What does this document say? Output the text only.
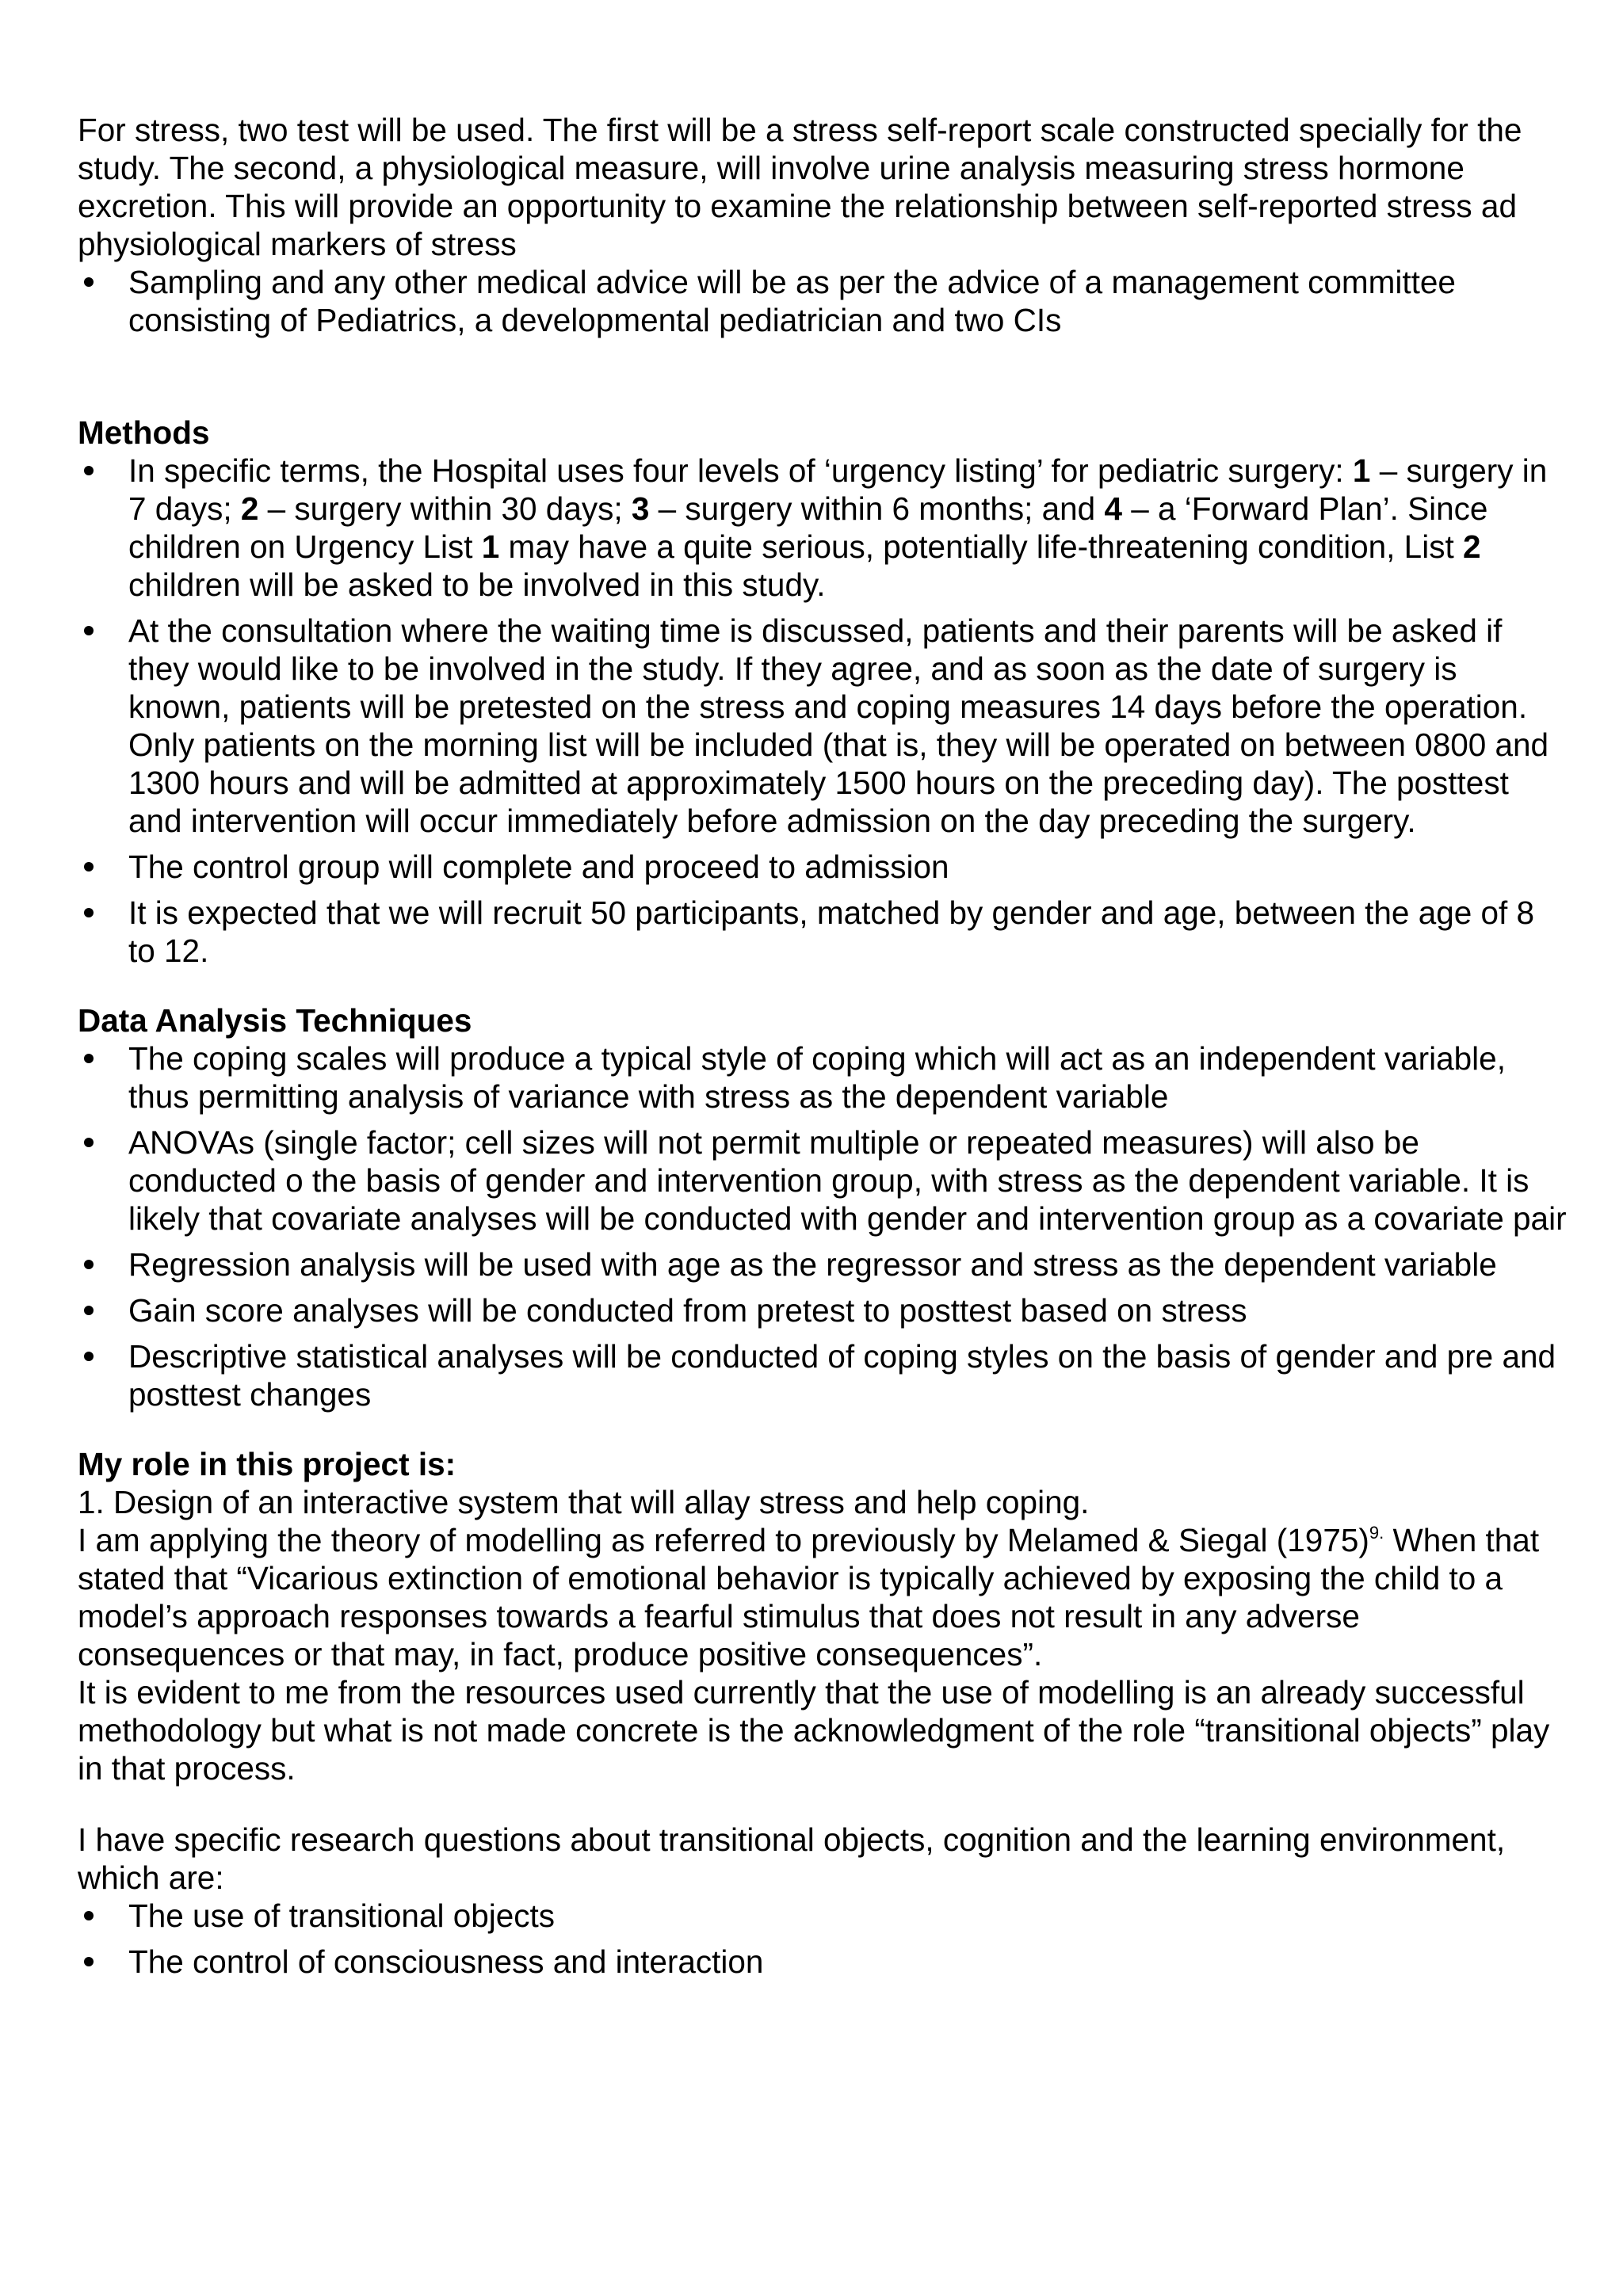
For stress, two test will be used. The first will be a stress self-report scale constructed specially for the study. The second, a physiological measure, will involve urine analysis measuring stress hormone excretion. This will provide an opportunity to examine the relationship between self-reported stress ad physiological markers of stress

Sampling and any other medical advice will be as per the advice of a management committee consisting of Pediatrics, a developmental pediatrician and two CIs

Methods

In specific terms, the Hospital uses four levels of ‘urgency listing’ for pediatric surgery: 1 – surgery in 7 days; 2 – surgery within 30 days; 3 – surgery within 6 months; and 4 – a ‘Forward Plan’. Since children on Urgency List 1 may have a quite serious, potentially life-threatening condition, List 2 children will be asked to be involved in this study.
At the consultation where the waiting time is discussed, patients and their parents will be asked if they would like to be involved in the study. If they agree, and as soon as the date of surgery is known, patients will be pretested on the stress and coping measures 14 days before the operation. Only patients on the morning list will be included (that is, they will be operated on between 0800 and 1300 hours and will be admitted at approximately 1500 hours on the preceding day). The posttest and intervention will occur immediately before admission on the day preceding the surgery.
The control group will complete and proceed to admission
It is expected that we will recruit 50 participants, matched by gender and age, between the age of 8 to 12.

Data Analysis Techniques

The coping scales will produce a typical style of coping which will act as an independent variable, thus permitting analysis of variance with stress as the dependent variable
ANOVAs (single factor; cell sizes will not permit multiple or repeated measures) will also be conducted o the basis of gender and intervention group, with stress as the dependent variable. It is likely that covariate analyses will be conducted with gender and intervention group as a covariate pair
Regression analysis will be used with age as the regressor and stress as the dependent variable
Gain score analyses will be conducted from pretest to posttest based on stress
Descriptive statistical analyses will be conducted of coping styles on the basis of gender and pre and posttest changes

My role in this project is:

1. Design of an interactive system that will allay stress and help coping.

I am applying the theory of modelling as referred to previously by Melamed & Siegal $(1975)^{9.}$ When that stated that “Vicarious extinction of emotional behavior is typically achieved by exposing the child to a model’s approach responses towards a fearful stimulus that does not result in any adverse consequences or that may, in fact, produce positive consequences”.

It is evident to me from the resources used currently that the use of modelling is an already successful methodology but what is not made concrete is the acknowledgment of the role “transitional objects” play in that process.

I have specific research questions about transitional objects, cognition and the learning environment, which are:

The use of transitional objects
The control of consciousness and interaction
